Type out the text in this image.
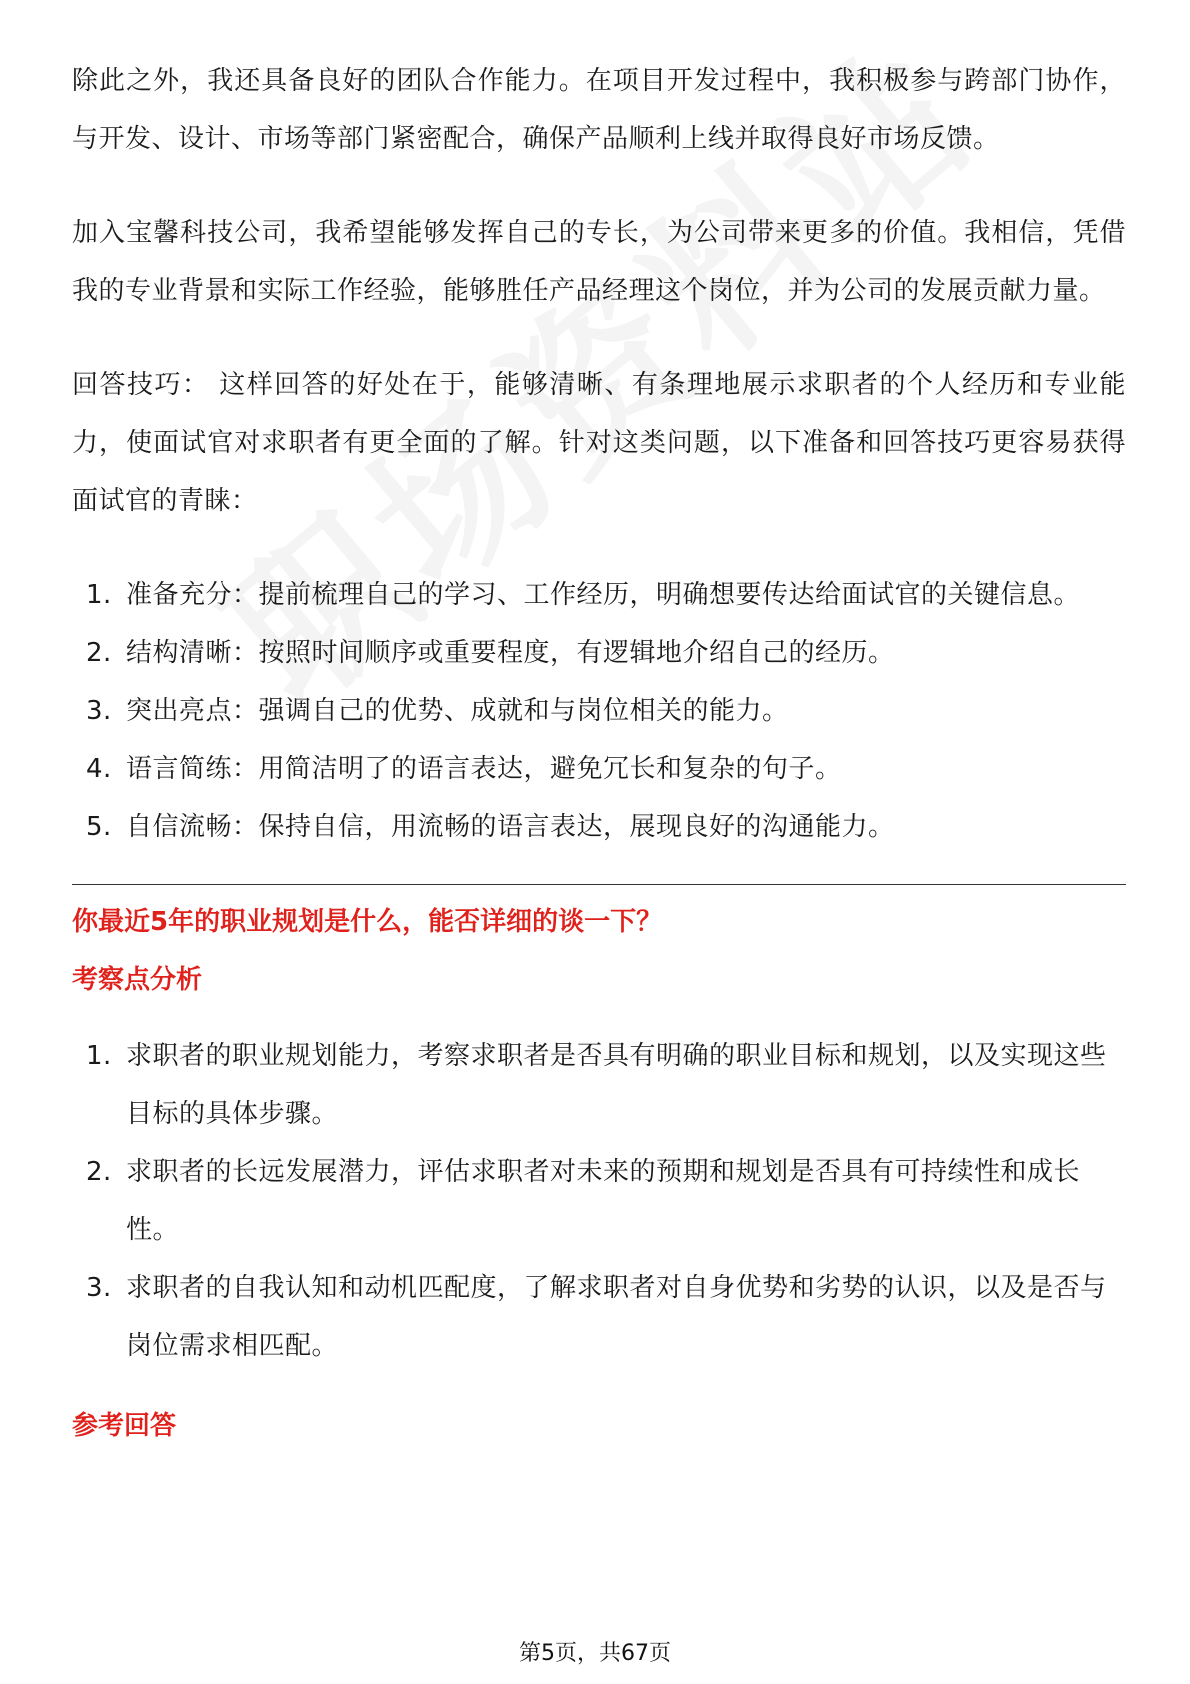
除此之外，我还具备良好的团队合作能力。在项目开发过程中，我积极参与跨部门协作，与开发、设计、市场等部门紧密配合，确保产品顺利上线并取得良好市场反馈。

加入宝馨科技公司，我希望能够发挥自己的专长，为公司带来更多的价值。我相信，凭借我的专业背景和实际工作经验，能够胜任产品经理这个岗位，并为公司的发展贡献力量。

回答技巧： 这样回答的好处在于，能够清晰、有条理地展示求职者的个人经历和专业能力，使面试官对求职者有更全面的了解。针对这类问题，以下准备和回答技巧更容易获得面试官的青睐：

1. 准备充分：提前梳理自己的学习、工作经历，明确想要传达给面试官的关键信息。
2. 结构清晰：按照时间顺序或重要程度，有逻辑地介绍自己的经历。
3. 突出亮点：强调自己的优势、成就和与岗位相关的能力。
4. 语言简练：用简洁明了的语言表达，避免冗长和复杂的句子。
5. 自信流畅：保持自信，用流畅的语言表达，展现良好的沟通能力。

你最近5年的职业规划是什么，能否详细的谈一下？

考察点分析

1. 求职者的职业规划能力，考察求职者是否具有明确的职业目标和规划，以及实现这些目标的具体步骤。
2. 求职者的长远发展潜力，评估求职者对未来的预期和规划是否具有可持续性和成长性。
3. 求职者的自我认知和动机匹配度，了解求职者对自身优势和劣势的认识，以及是否与岗位需求相匹配。

参考回答

第5页，共67页
